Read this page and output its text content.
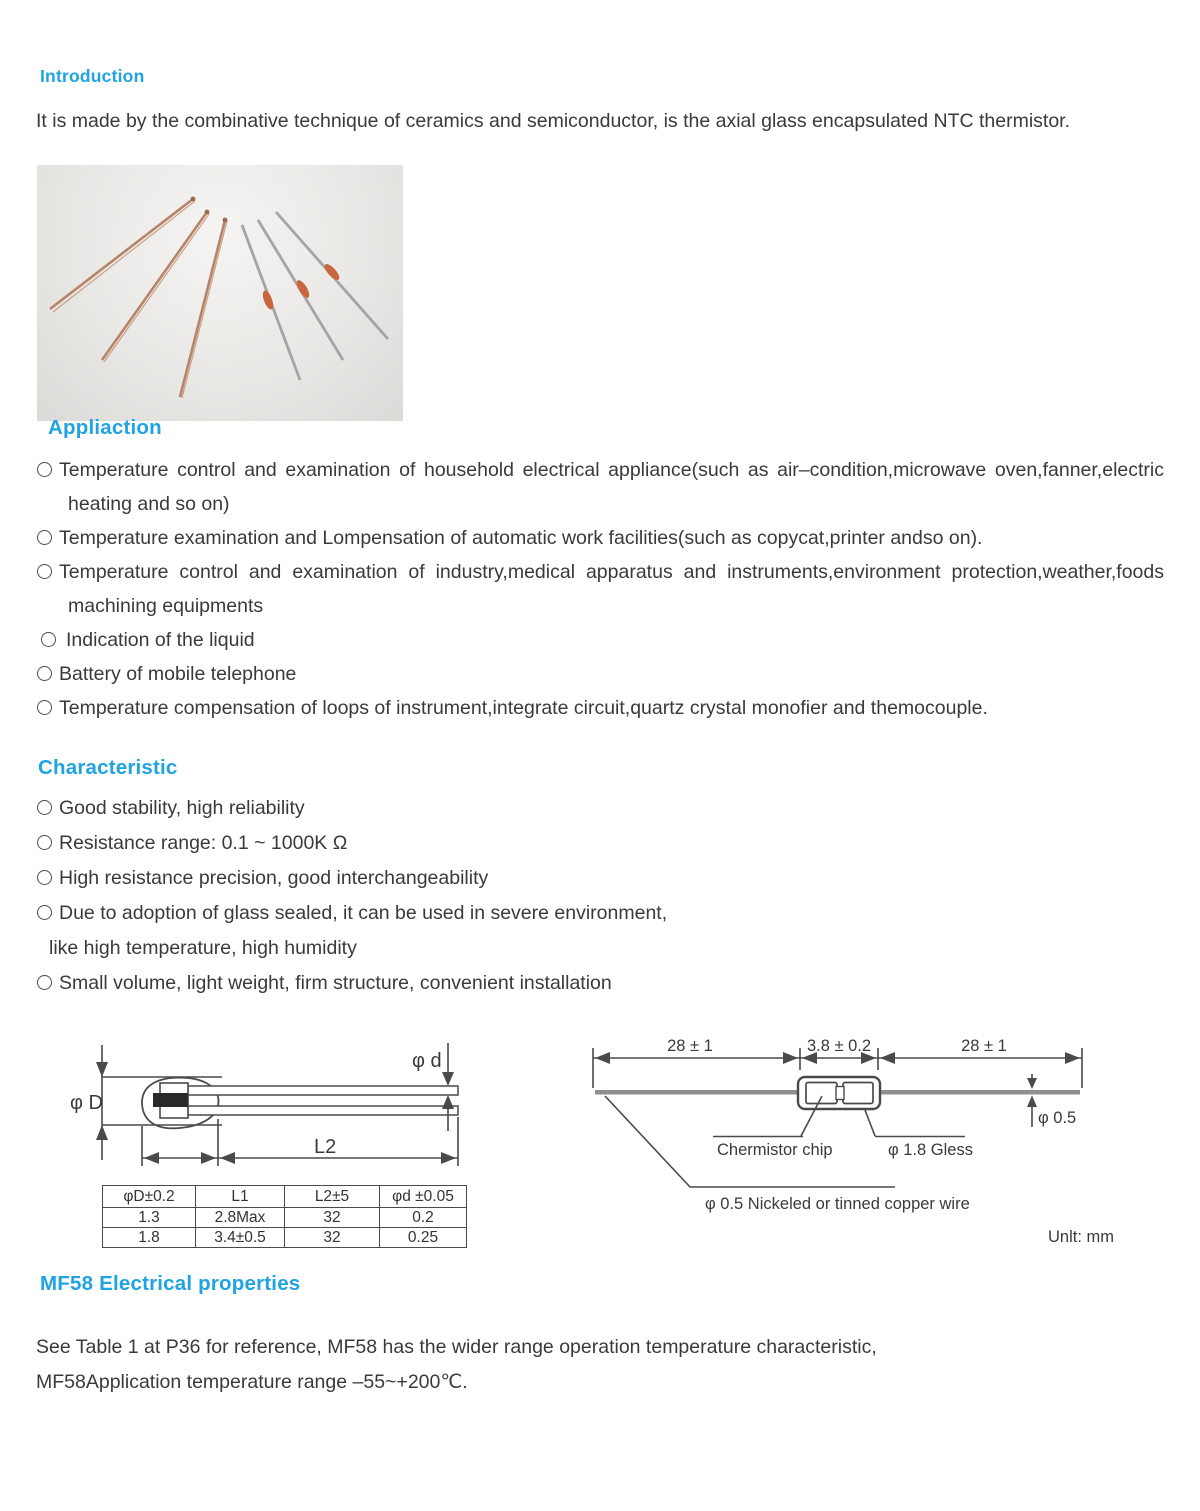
Introduction
It is made by the combinative technique of ceramics and semiconductor, is the axial glass encapsulated NTC thermistor.
Appliaction
Temperature control and examination of household electrical appliance(such as air–condition,microwave oven,fanner,electric
heating and so on)
Temperature examination and Lompensation of automatic work facilities(such as copycat,printer andso on).
Temperature control and examination of industry,medical apparatus and instruments,environment protection,weather,foods
machining equipments
Indication of the liquid
Battery of mobile telephone
Temperature compensation of loops of instrument,integrate circuit,quartz crystal monofier and themocouple.
Characteristic
Good stability, high reliability
Resistance range: 0.1 ~ 1000K Ω
High resistance precision, good interchangeability
Due to adoption of glass sealed, it can be used in severe environment,
like high temperature, high humidity
Small volume, light weight, firm structure, convenient installation
φ D
φ d
L2
φD±0.2	L1	L2±5	φd ±0.05
1.3	2.8Max	32	0.2
1.8	3.4±0.5	32	0.25
28 ± 1	3.8 ± 0.2	28 ± 1
φ 0.5
Chermistor chip	φ 1.8 Gless
φ 0.5 Nickeled or tinned copper wire
Unlt: mm
MF58 Electrical properties
See Table 1 at P36 for reference, MF58 has the wider range operation temperature characteristic,
MF58Application temperature range –55~+200℃.
